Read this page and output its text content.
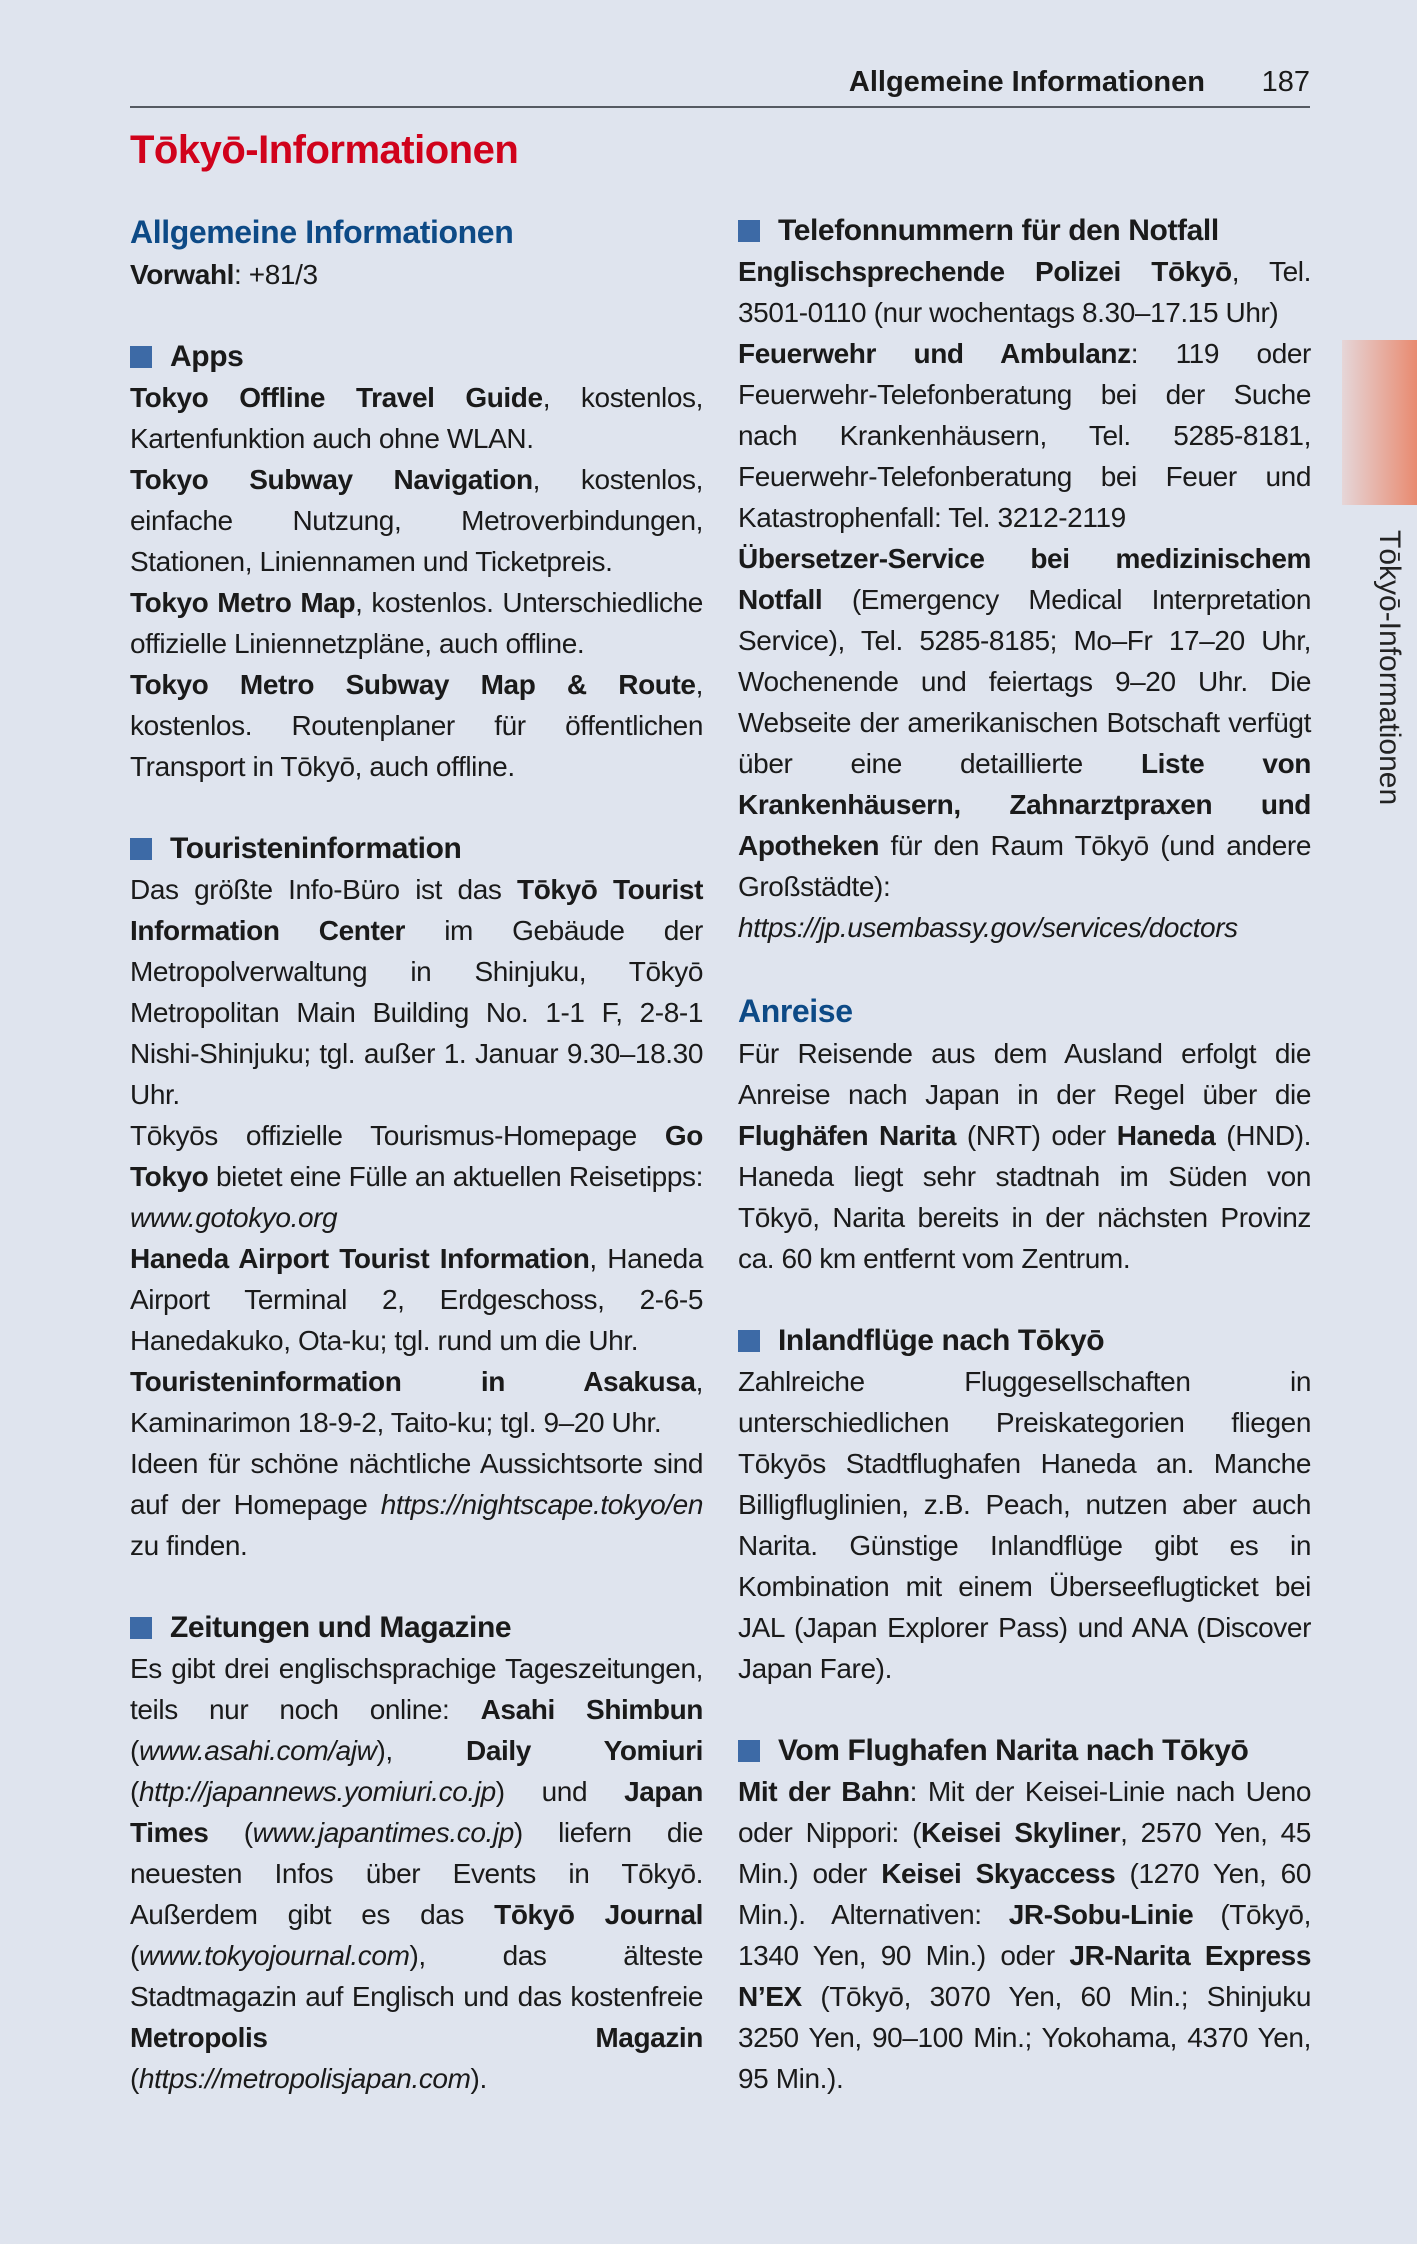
Allgemeine Informationen 187
Tōkyō-Informationen
Tōkyō-Informationen
Allgemeine Informationen
Vorwahl: +81/3
Apps
Tokyo Offline Travel Guide, kostenlos, Kartenfunktion auch ohne WLAN.
Tokyo Subway Navigation, kostenlos, einfache Nutzung, Metroverbindungen, Stationen, Liniennamen und Ticketpreis.
Tokyo Metro Map, kostenlos. Unterschiedliche offizielle Liniennetzpläne, auch offline.
Tokyo Metro Subway Map & Route, kostenlos. Routenplaner für öffentlichen Transport in Tōkyō, auch offline.
Touristeninformation
Das größte Info-Büro ist das Tōkyō Tourist Information Center im Gebäude der Metropolverwaltung in Shinjuku, Tōkyō Metropolitan Main Building No. 1-1 F, 2-8-1 Nishi-Shinjuku; tgl. außer 1. Januar 9.30–18.30 Uhr.
Tōkyōs offizielle Tourismus-Homepage Go Tokyo bietet eine Fülle an aktuellen Reisetipps: www.gotokyo.org
Haneda Airport Tourist Information, Haneda Airport Terminal 2, Erdgeschoss, 2-6-5 Hanedakuko, Ota-ku; tgl. rund um die Uhr.
Touristeninformation in Asakusa, Kaminarimon 18-9-2, Taito-ku; tgl. 9–20 Uhr.
Ideen für schöne nächtliche Aussichtsorte sind auf der Homepage https://nightscape.tokyo/en zu finden.
Zeitungen und Magazine
Es gibt drei englischsprachige Tageszeitungen, teils nur noch online: Asahi Shimbun (www.asahi.com/ajw), Daily Yomiuri (http://japannews.yomiuri.co.jp) und Japan Times (www.japantimes.co.jp) liefern die neuesten Infos über Events in Tōkyō. Außerdem gibt es das Tōkyō Journal (www.tokyojournal.com), das älteste Stadtmagazin auf Englisch und das kostenfreie Metropolis Magazin (https://metropolisjapan.com).
Telefonnummern für den Notfall
Englischsprechende Polizei Tōkyō, Tel. 3501-0110 (nur wochentags 8.30–17.15 Uhr)
Feuerwehr und Ambulanz: 119 oder Feuerwehr-Telefonberatung bei der Suche nach Krankenhäusern, Tel. 5285-8181, Feuerwehr-Telefonberatung bei Feuer und Katastrophenfall: Tel. 3212-2119
Übersetzer-Service bei medizinischem Notfall (Emergency Medical Interpretation Service), Tel. 5285-8185; Mo–Fr 17–20 Uhr, Wochenende und feiertags 9–20 Uhr. Die Webseite der amerikanischen Botschaft verfügt über eine detaillierte Liste von Krankenhäusern, Zahnarztpraxen und Apotheken für den Raum Tōkyō (und andere Großstädte): https://jp.usembassy.gov/services/doctors
Anreise
Für Reisende aus dem Ausland erfolgt die Anreise nach Japan in der Regel über die Flughäfen Narita (NRT) oder Haneda (HND). Haneda liegt sehr stadtnah im Süden von Tōkyō, Narita bereits in der nächsten Provinz ca. 60 km entfernt vom Zentrum.
Inlandflüge nach Tōkyō
Zahlreiche Fluggesellschaften in unterschiedlichen Preiskategorien fliegen Tōkyōs Stadtflughafen Haneda an. Manche Billigfluglinien, z.B. Peach, nutzen aber auch Narita. Günstige Inlandflüge gibt es in Kombination mit einem Überseeflugticket bei JAL (Japan Explorer Pass) und ANA (Discover Japan Fare).
Vom Flughafen Narita nach Tōkyō
Mit der Bahn: Mit der Keisei-Linie nach Ueno oder Nippori: (Keisei Skyliner, 2570 Yen, 45 Min.) oder Keisei Skyaccess (1270 Yen, 60 Min.). Alternativen: JR-Sobu-Linie (Tōkyō, 1340 Yen, 90 Min.) oder JR-Narita Express N’EX (Tōkyō, 3070 Yen, 60 Min.; Shinjuku 3250 Yen, 90–100 Min.; Yokohama, 4370 Yen, 95 Min.).
